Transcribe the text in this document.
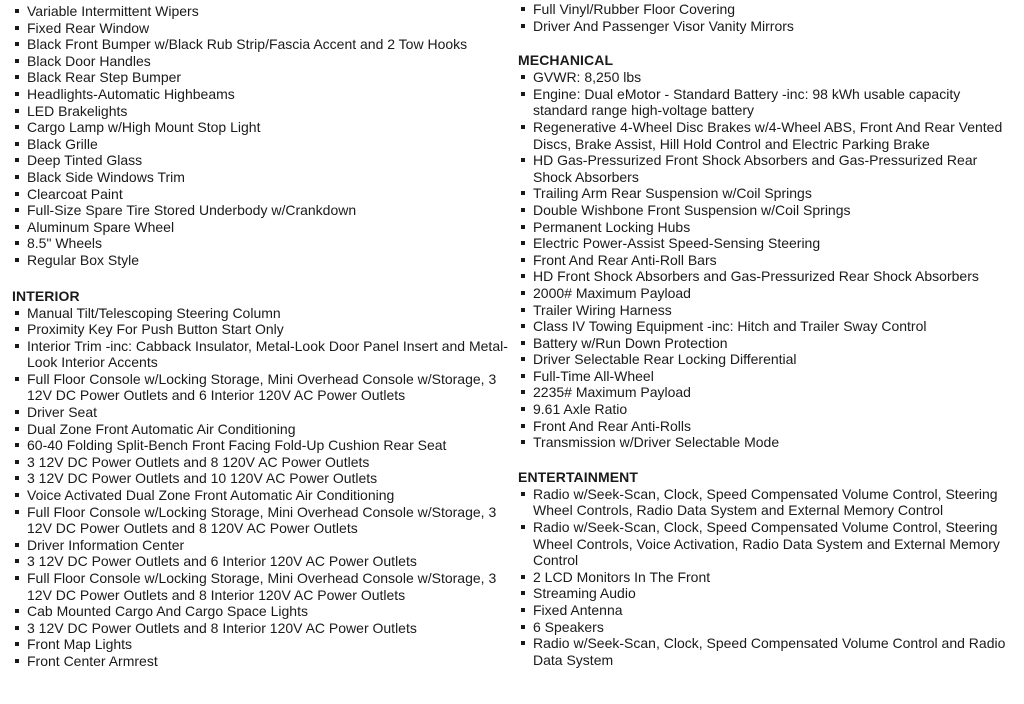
Variable Intermittent Wipers
Fixed Rear Window
Black Front Bumper w/Black Rub Strip/Fascia Accent and 2 Tow Hooks
Black Door Handles
Black Rear Step Bumper
Headlights-Automatic Highbeams
LED Brakelights
Cargo Lamp w/High Mount Stop Light
Black Grille
Deep Tinted Glass
Black Side Windows Trim
Clearcoat Paint
Full-Size Spare Tire Stored Underbody w/Crankdown
Aluminum Spare Wheel
8.5" Wheels
Regular Box Style
INTERIOR
Manual Tilt/Telescoping Steering Column
Proximity Key For Push Button Start Only
Interior Trim -inc: Cabback Insulator, Metal-Look Door Panel Insert and Metal-Look Interior Accents
Full Floor Console w/Locking Storage, Mini Overhead Console w/Storage, 3 12V DC Power Outlets and 6 Interior 120V AC Power Outlets
Driver Seat
Dual Zone Front Automatic Air Conditioning
60-40 Folding Split-Bench Front Facing Fold-Up Cushion Rear Seat
3 12V DC Power Outlets and 8 120V AC Power Outlets
3 12V DC Power Outlets and 10 120V AC Power Outlets
Voice Activated Dual Zone Front Automatic Air Conditioning
Full Floor Console w/Locking Storage, Mini Overhead Console w/Storage, 3 12V DC Power Outlets and 8 120V AC Power Outlets
Driver Information Center
3 12V DC Power Outlets and 6 Interior 120V AC Power Outlets
Full Floor Console w/Locking Storage, Mini Overhead Console w/Storage, 3 12V DC Power Outlets and 8 Interior 120V AC Power Outlets
Cab Mounted Cargo And Cargo Space Lights
3 12V DC Power Outlets and 8 Interior 120V AC Power Outlets
Front Map Lights
Front Center Armrest
Full Vinyl/Rubber Floor Covering
Driver And Passenger Visor Vanity Mirrors
MECHANICAL
GVWR: 8,250 lbs
Engine: Dual eMotor - Standard Battery -inc: 98 kWh usable capacity standard range high-voltage battery
Regenerative 4-Wheel Disc Brakes w/4-Wheel ABS, Front And Rear Vented Discs, Brake Assist, Hill Hold Control and Electric Parking Brake
HD Gas-Pressurized Front Shock Absorbers and Gas-Pressurized Rear Shock Absorbers
Trailing Arm Rear Suspension w/Coil Springs
Double Wishbone Front Suspension w/Coil Springs
Permanent Locking Hubs
Electric Power-Assist Speed-Sensing Steering
Front And Rear Anti-Roll Bars
HD Front Shock Absorbers and Gas-Pressurized Rear Shock Absorbers
2000# Maximum Payload
Trailer Wiring Harness
Class IV Towing Equipment -inc: Hitch and Trailer Sway Control
Battery w/Run Down Protection
Driver Selectable Rear Locking Differential
Full-Time All-Wheel
2235# Maximum Payload
9.61 Axle Ratio
Front And Rear Anti-Rolls
Transmission w/Driver Selectable Mode
ENTERTAINMENT
Radio w/Seek-Scan, Clock, Speed Compensated Volume Control, Steering Wheel Controls, Radio Data System and External Memory Control
Radio w/Seek-Scan, Clock, Speed Compensated Volume Control, Steering Wheel Controls, Voice Activation, Radio Data System and External Memory Control
2 LCD Monitors In The Front
Streaming Audio
Fixed Antenna
6 Speakers
Radio w/Seek-Scan, Clock, Speed Compensated Volume Control and Radio Data System
